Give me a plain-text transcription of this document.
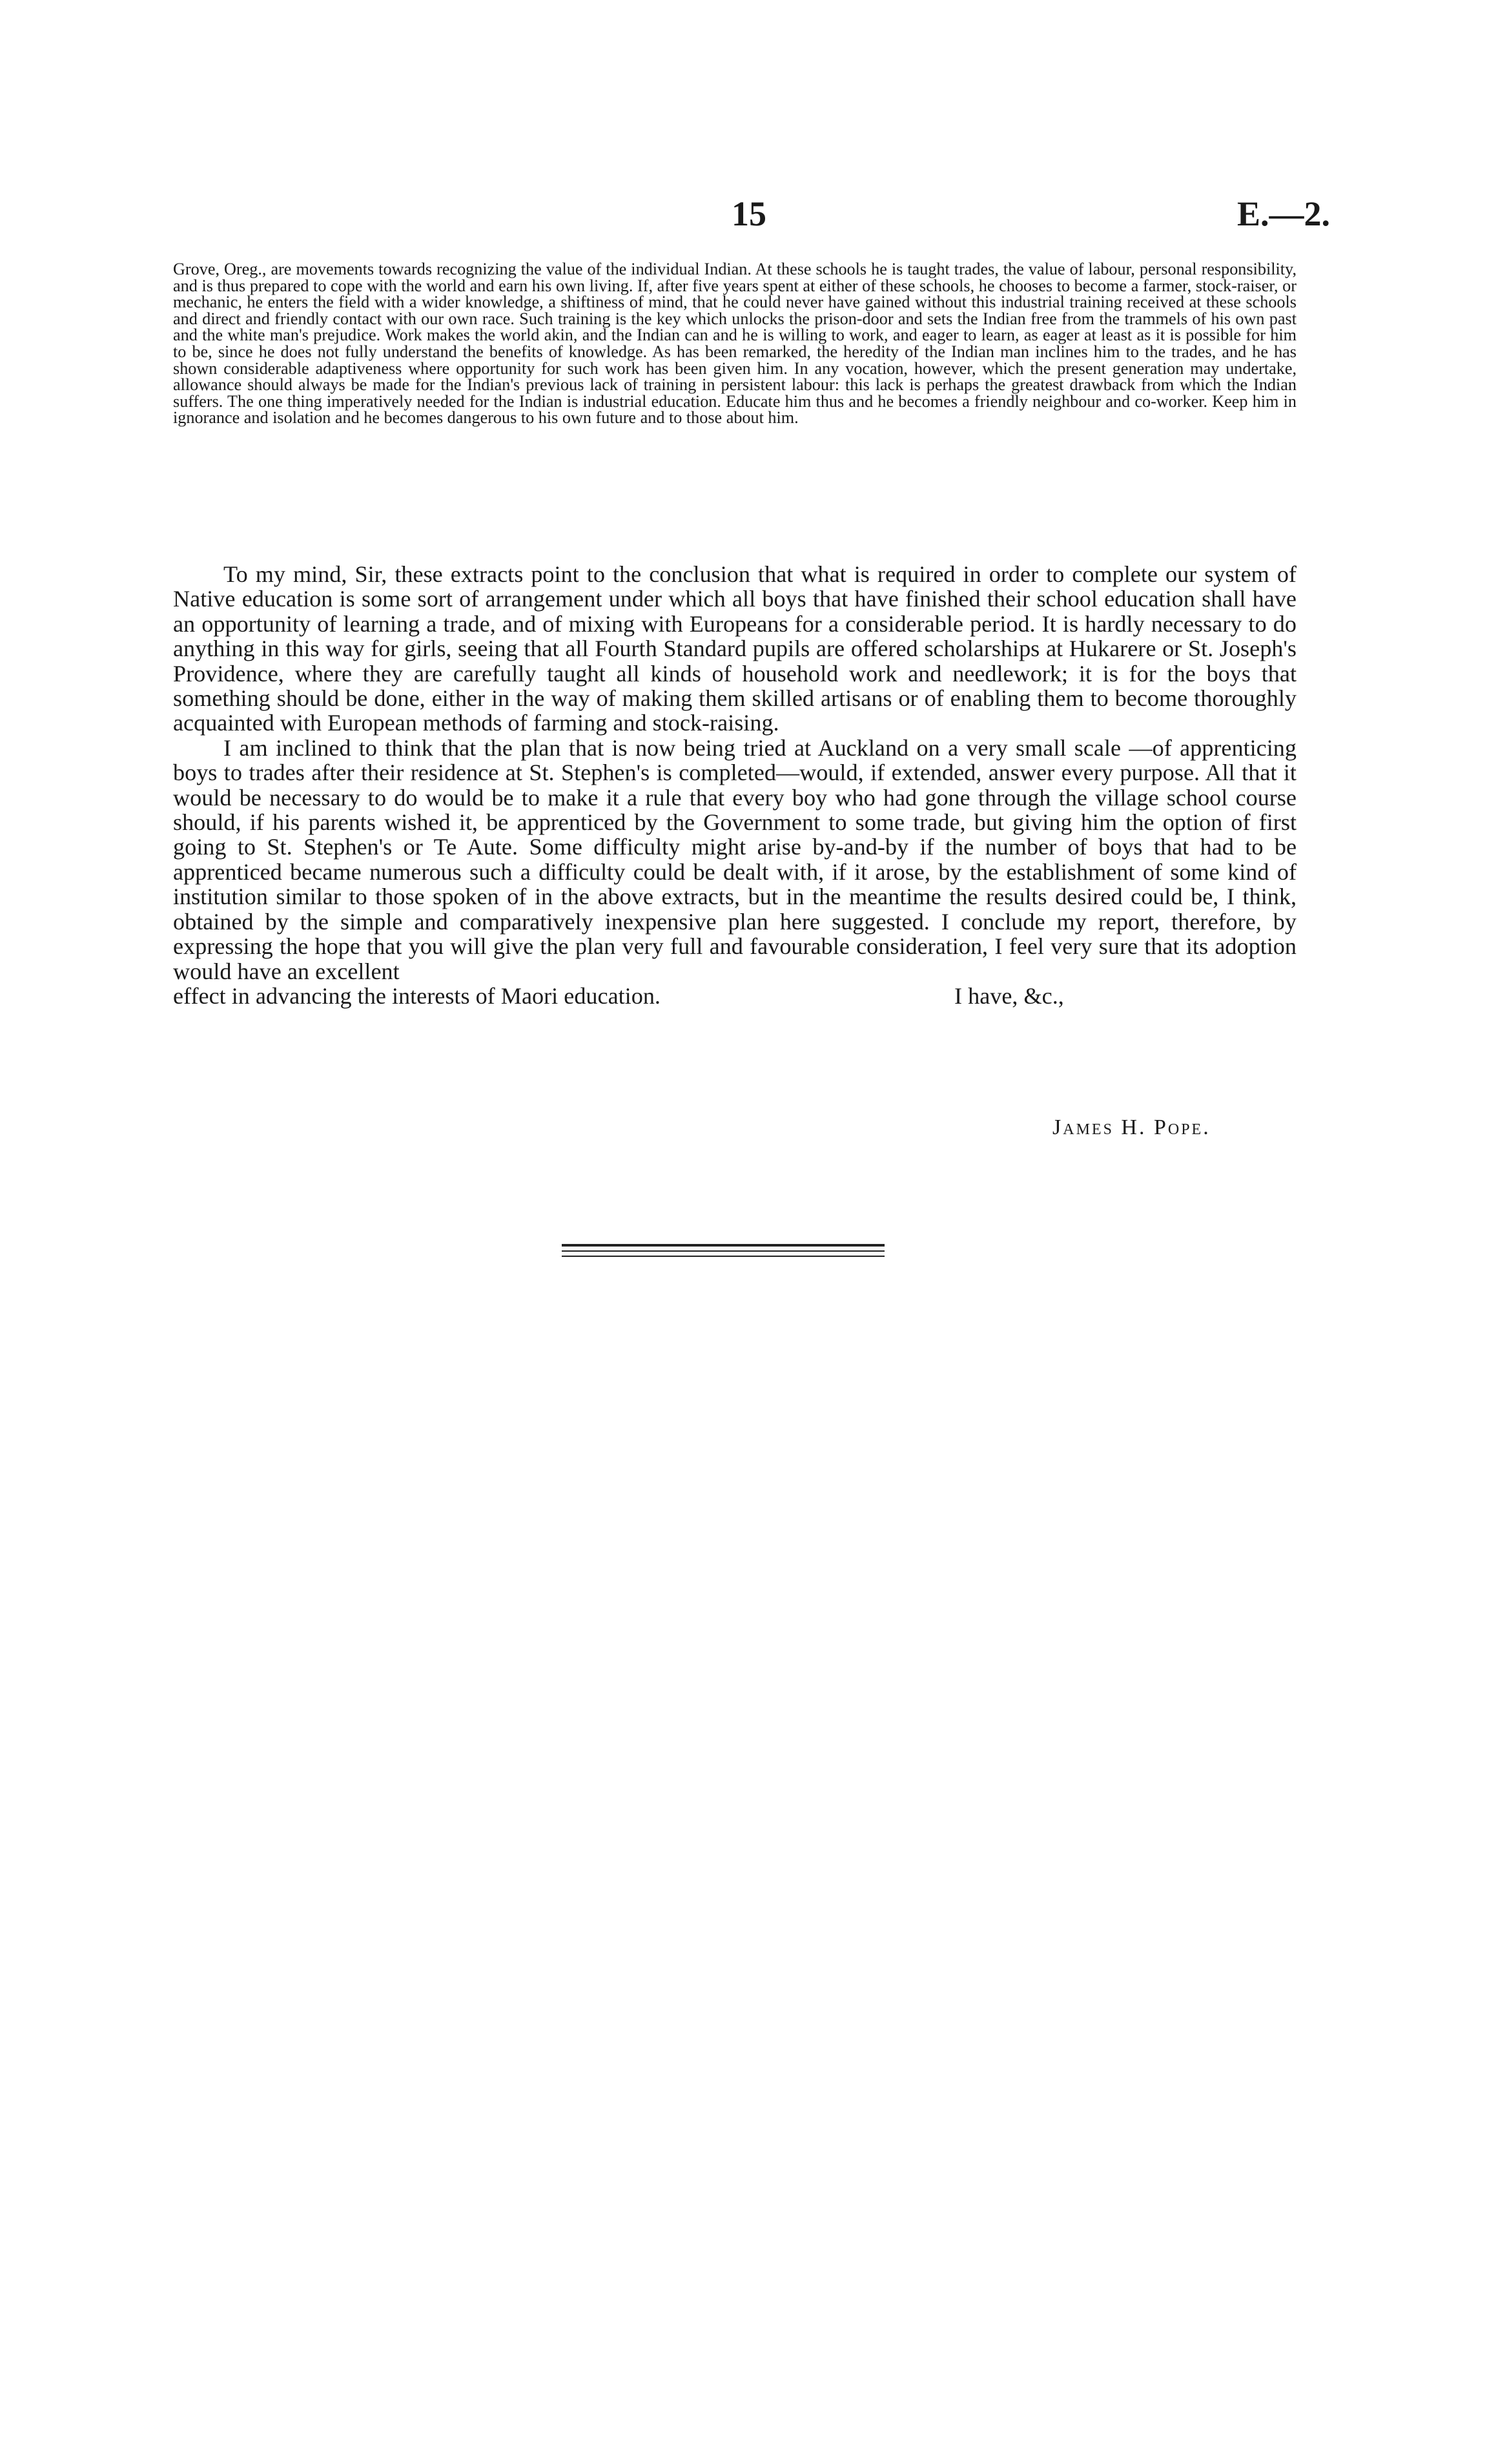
15	E.—2.
Grove, Oreg., are movements towards recognizing the value of the individual Indian. At these schools he is taught trades, the value of labour, personal responsibility, and is thus prepared to cope with the world and earn his own living. If, after five years spent at either of these schools, he chooses to become a farmer, stock-raiser, or mechanic, he enters the field with a wider knowledge, a shiftiness of mind, that he could never have gained without this industrial training received at these schools and direct and friendly contact with our own race. Such training is the key which unlocks the prison-door and sets the Indian free from the trammels of his own past and the white man's prejudice. Work makes the world akin, and the Indian can and he is willing to work, and eager to learn, as eager at least as it is possible for him to be, since he does not fully understand the benefits of knowledge. As has been remarked, the heredity of the Indian man inclines him to the trades, and he has shown considerable adaptiveness where opportunity for such work has been given him. In any vocation, however, which the present generation may undertake, allowance should always be made for the Indian's previous lack of training in persistent labour: this lack is perhaps the greatest drawback from which the Indian suffers. The one thing imperatively needed for the Indian is industrial education. Educate him thus and he becomes a friendly neighbour and co-worker. Keep him in ignorance and isolation and he becomes dangerous to his own future and to those about him.

To my mind, Sir, these extracts point to the conclusion that what is required in order to complete our system of Native education is some sort of arrangement under which all boys that have finished their school education shall have an opportunity of learning a trade, and of mixing with Europeans for a considerable period. It is hardly necessary to do anything in this way for girls, seeing that all Fourth Standard pupils are offered scholarships at Hukarere or St. Joseph's Providence, where they are carefully taught all kinds of household work and needlework; it is for the boys that something should be done, either in the way of making them skilled artisans or of enabling them to become thoroughly acquainted with European methods of farming and stock-raising.

I am inclined to think that the plan that is now being tried at Auckland on a very small scale —of apprenticing boys to trades after their residence at St. Stephen's is completed—would, if extended, answer every purpose. All that it would be necessary to do would be to make it a rule that every boy who had gone through the village school course should, if his parents wished it, be apprenticed by the Government to some trade, but giving him the option of first going to St. Stephen's or Te Aute. Some difficulty might arise by-and-by if the number of boys that had to be apprenticed became numerous such a difficulty could be dealt with, if it arose, by the establishment of some kind of institution similar to those spoken of in the above extracts, but in the meantime the results desired could be, I think, obtained by the simple and comparatively inexpensive plan here suggested. I conclude my report, therefore, by expressing the hope that you will give the plan very full and favourable consideration, I feel very sure that its adoption would have an excellent

effect in advancing the interests of Maori education.	I have, &c.,

James H. Pope.
